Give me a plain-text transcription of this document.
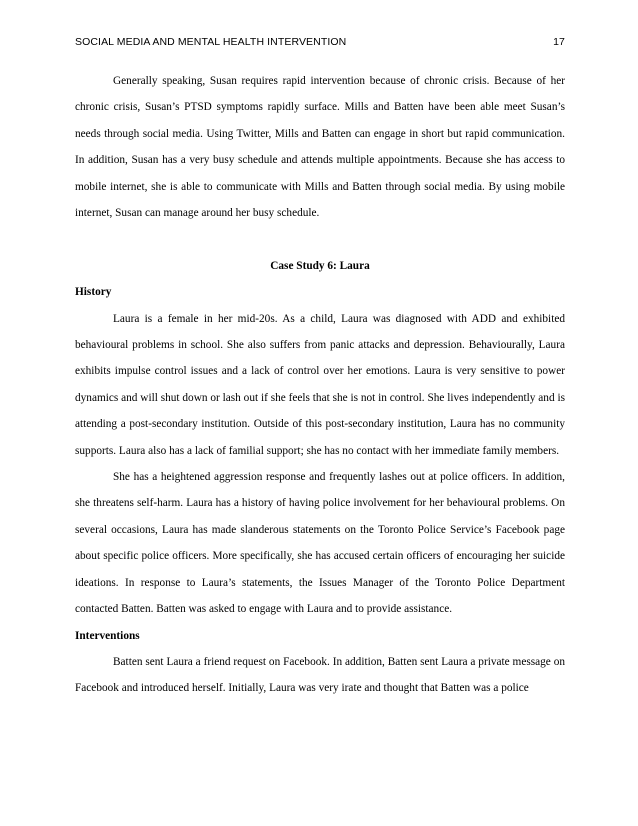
SOCIAL MEDIA AND MENTAL HEALTH INTERVENTION	17

Generally speaking, Susan requires rapid intervention because of chronic crisis. Because of her chronic crisis, Susan’s PTSD symptoms rapidly surface. Mills and Batten have been able meet Susan’s needs through social media. Using Twitter, Mills and Batten can engage in short but rapid communication. In addition, Susan has a very busy schedule and attends multiple appointments. Because she has access to mobile internet, she is able to communicate with Mills and Batten through social media. By using mobile internet, Susan can manage around her busy schedule.

Case Study 6: Laura

History

Laura is a female in her mid-20s. As a child, Laura was diagnosed with ADD and exhibited behavioural problems in school. She also suffers from panic attacks and depression. Behaviourally, Laura exhibits impulse control issues and a lack of control over her emotions. Laura is very sensitive to power dynamics and will shut down or lash out if she feels that she is not in control. She lives independently and is attending a post-secondary institution. Outside of this post-secondary institution, Laura has no community supports. Laura also has a lack of familial support; she has no contact with her immediate family members.

She has a heightened aggression response and frequently lashes out at police officers. In addition, she threatens self-harm. Laura has a history of having police involvement for her behavioural problems. On several occasions, Laura has made slanderous statements on the Toronto Police Service’s Facebook page about specific police officers. More specifically, she has accused certain officers of encouraging her suicide ideations. In response to Laura’s statements, the Issues Manager of the Toronto Police Department contacted Batten. Batten was asked to engage with Laura and to provide assistance.

Interventions

Batten sent Laura a friend request on Facebook. In addition, Batten sent Laura a private message on Facebook and introduced herself. Initially, Laura was very irate and thought that Batten was a police
